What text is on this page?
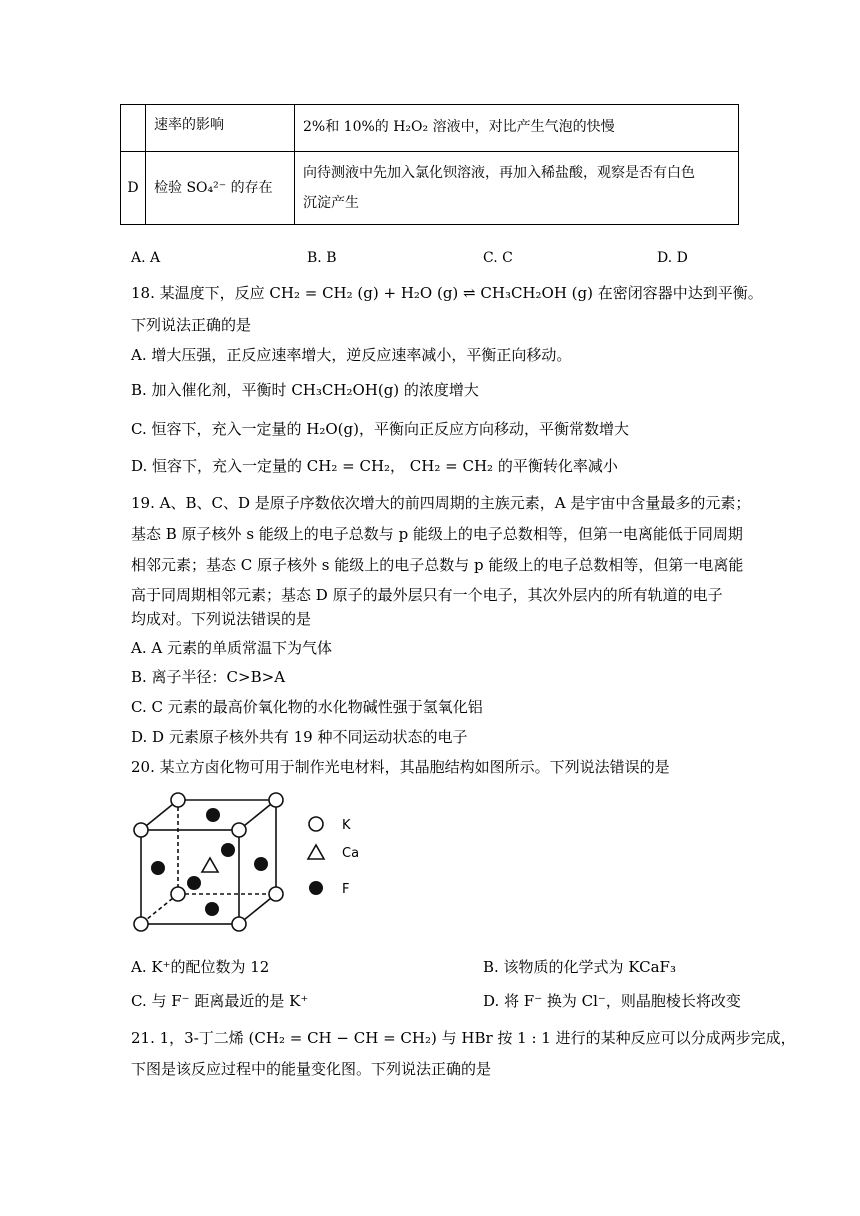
	速率的影响	2%和 10%的 H₂O₂ 溶液中，对比产生气泡的快慢

D	检验 SO₄²⁻ 的存在	向待测液中先加入氯化钡溶液，再加入稀盐酸，观察是否有白色
沉淀产生
A. A	B. B	C. C	D. D
18. 某温度下，反应 CH₂ = CH₂ (g) + H₂O (g) ⇌ CH₃CH₂OH (g) 在密闭容器中达到平衡。
下列说法正确的是
A. 增大压强，正反应速率增大，逆反应速率减小，平衡正向移动。
B. 加入催化剂，平衡时 CH₃CH₂OH(g) 的浓度增大
C. 恒容下，充入一定量的 H₂O(g)，平衡向正反应方向移动，平衡常数增大
D. 恒容下，充入一定量的 CH₂ = CH₂， CH₂ = CH₂ 的平衡转化率减小
19. A、B、C、D 是原子序数依次增大的前四周期的主族元素，A 是宇宙中含量最多的元素；
基态 B 原子核外 s 能级上的电子总数与 p 能级上的电子总数相等，但第一电离能低于同周期
相邻元素；基态 C 原子核外 s 能级上的电子总数与 p 能级上的电子总数相等，但第一电离能
高于同周期相邻元素；基态 D 原子的最外层只有一个电子，其次外层内的所有轨道的电子
均成对。下列说法错误的是
A. A 元素的单质常温下为气体
B. 离子半径：C>B>A
C. C 元素的最高价氧化物的水化物碱性强于氢氧化铝
D. D 元素原子核外共有 19 种不同运动状态的电子
20. 某立方卤化物可用于制作光电材料，其晶胞结构如图所示。下列说法错误的是
K
Ca
F
A. K⁺的配位数为 12	B. 该物质的化学式为 KCaF₃
C. 与 F⁻ 距离最近的是 K⁺	D. 将 F⁻ 换为 Cl⁻，则晶胞棱长将改变
21. 1，3-丁二烯 (CH₂ = CH − CH = CH₂) 与 HBr 按 1 : 1 进行的某种反应可以分成两步完成，
下图是该反应过程中的能量变化图。下列说法正确的是
